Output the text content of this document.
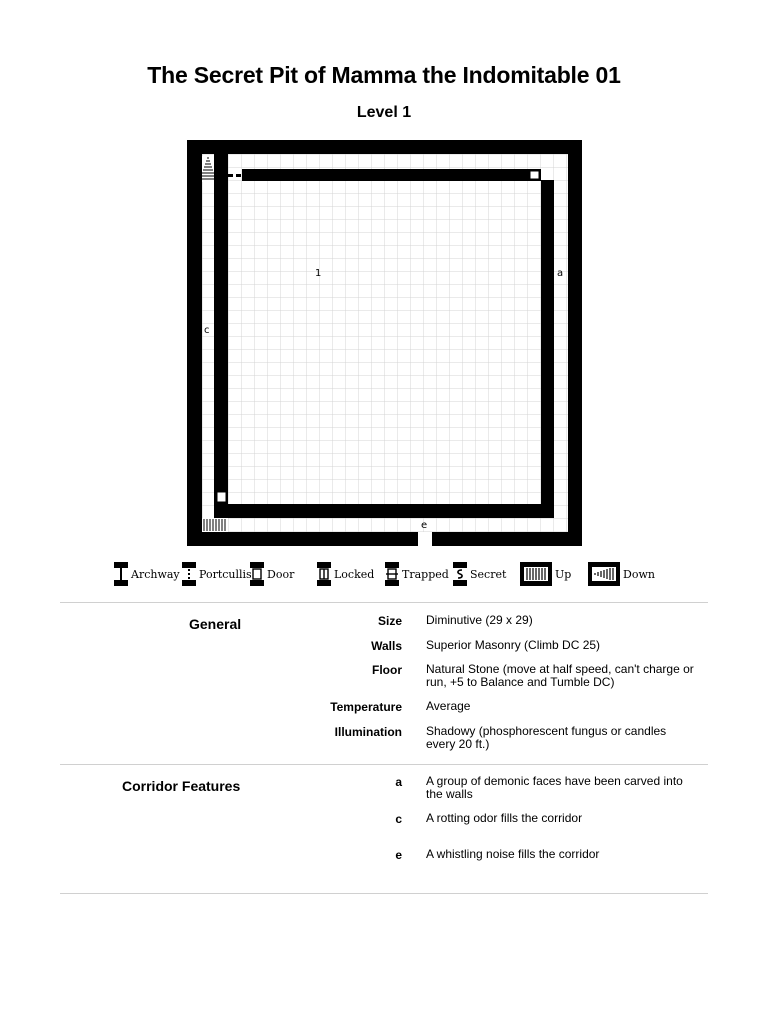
The Secret Pit of Mamma the Indomitable 01
Level 1
1	a
c
e
Archway Portcullis Door	Locked	Trapped Secret	Up	Down
General	Size Diminutive (29 x 29)
Walls Superior Masonry (Climb DC 25)
Floor Natural Stone (move at half speed, can't charge or run, +5 to Balance and Tumble DC)
Temperature Average
Illumination Shadowy (phosphorescent fungus or candles every 20 ft.)
Corridor Features	a A group of demonic faces have been carved into the walls
c A rotting odor fills the corridor
e A whistling noise fills the corridor
